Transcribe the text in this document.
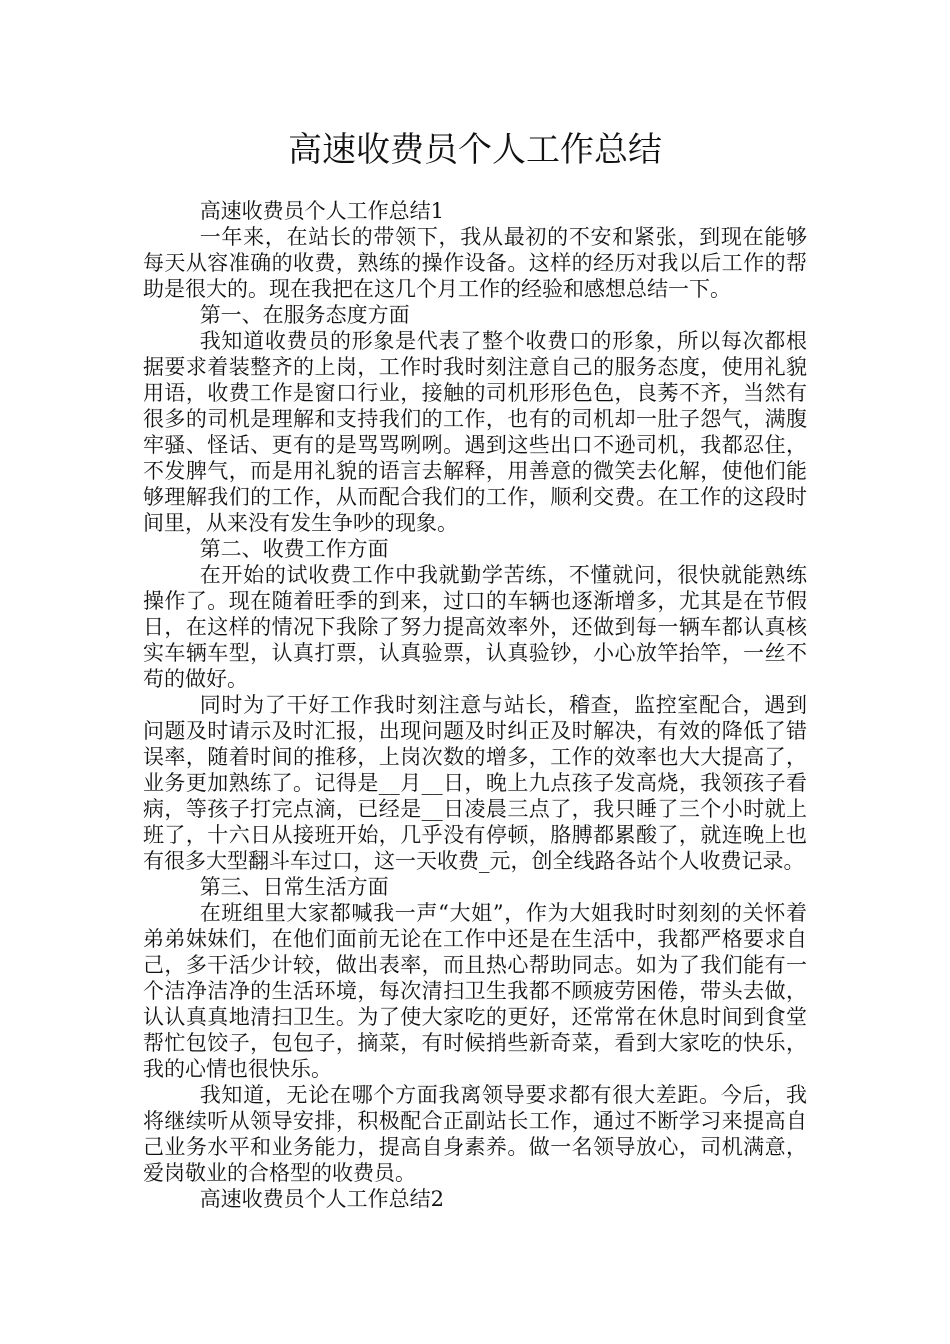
高速收费员个人工作总结

高速收费员个人工作总结1

一年来，在站长的带领下，我从最初的不安和紧张，到现在能够每天从容准确的收费，熟练的操作设备。这样的经历对我以后工作的帮助是很大的。现在我把在这几个月工作的经验和感想总结一下。

第一、在服务态度方面

我知道收费员的形象是代表了整个收费口的形象，所以每次都根据要求着装整齐的上岗，工作时我时刻注意自己的服务态度，使用礼貌用语，收费工作是窗口行业，接触的司机形形色色，良莠不齐，当然有很多的司机是理解和支持我们的工作，也有的司机却一肚子怨气，满腹牢骚、怪话、更有的是骂骂咧咧。遇到这些出口不逊司机，我都忍住，不发脾气，而是用礼貌的语言去解释，用善意的微笑去化解，使他们能够理解我们的工作，从而配合我们的工作，顺利交费。在工作的这段时间里，从来没有发生争吵的现象。

第二、收费工作方面

在开始的试收费工作中我就勤学苦练，不懂就问，很快就能熟练操作了。现在随着旺季的到来，过口的车辆也逐渐增多，尤其是在节假日，在这样的情况下我除了努力提高效率外，还做到每一辆车都认真核实车辆车型，认真打票，认真验票，认真验钞，小心放竿抬竿，一丝不苟的做好。

同时为了干好工作我时刻注意与站长，稽查，监控室配合，遇到问题及时请示及时汇报，出现问题及时纠正及时解决，有效的降低了错误率，随着时间的推移，上岗次数的增多，工作的效率也大大提高了，业务更加熟练了。记得是__月__日，晚上九点孩子发高烧，我领孩子看病，等孩子打完点滴，已经是__日凌晨三点了，我只睡了三个小时就上班了，十六日从接班开始，几乎没有停顿，胳膊都累酸了，就连晚上也有很多大型翻斗车过口，这一天收费_元，创全线路各站个人收费记录。

第三、日常生活方面

在班组里大家都喊我一声“大姐”，作为大姐我时时刻刻的关怀着弟弟妹妹们，在他们面前无论在工作中还是在生活中，我都严格要求自己，多干活少计较，做出表率，而且热心帮助同志。如为了我们能有一个洁净洁净的生活环境，每次清扫卫生我都不顾疲劳困倦，带头去做，认认真真地清扫卫生。为了使大家吃的更好，还常常在休息时间到食堂帮忙包饺子，包包子，摘菜，有时候捎些新奇菜，看到大家吃的快乐，我的心情也很快乐。

我知道，无论在哪个方面我离领导要求都有很大差距。今后，我将继续听从领导安排，积极配合正副站长工作，通过不断学习来提高自己业务水平和业务能力，提高自身素养。做一名领导放心，司机满意，爱岗敬业的合格型的收费员。

高速收费员个人工作总结2
